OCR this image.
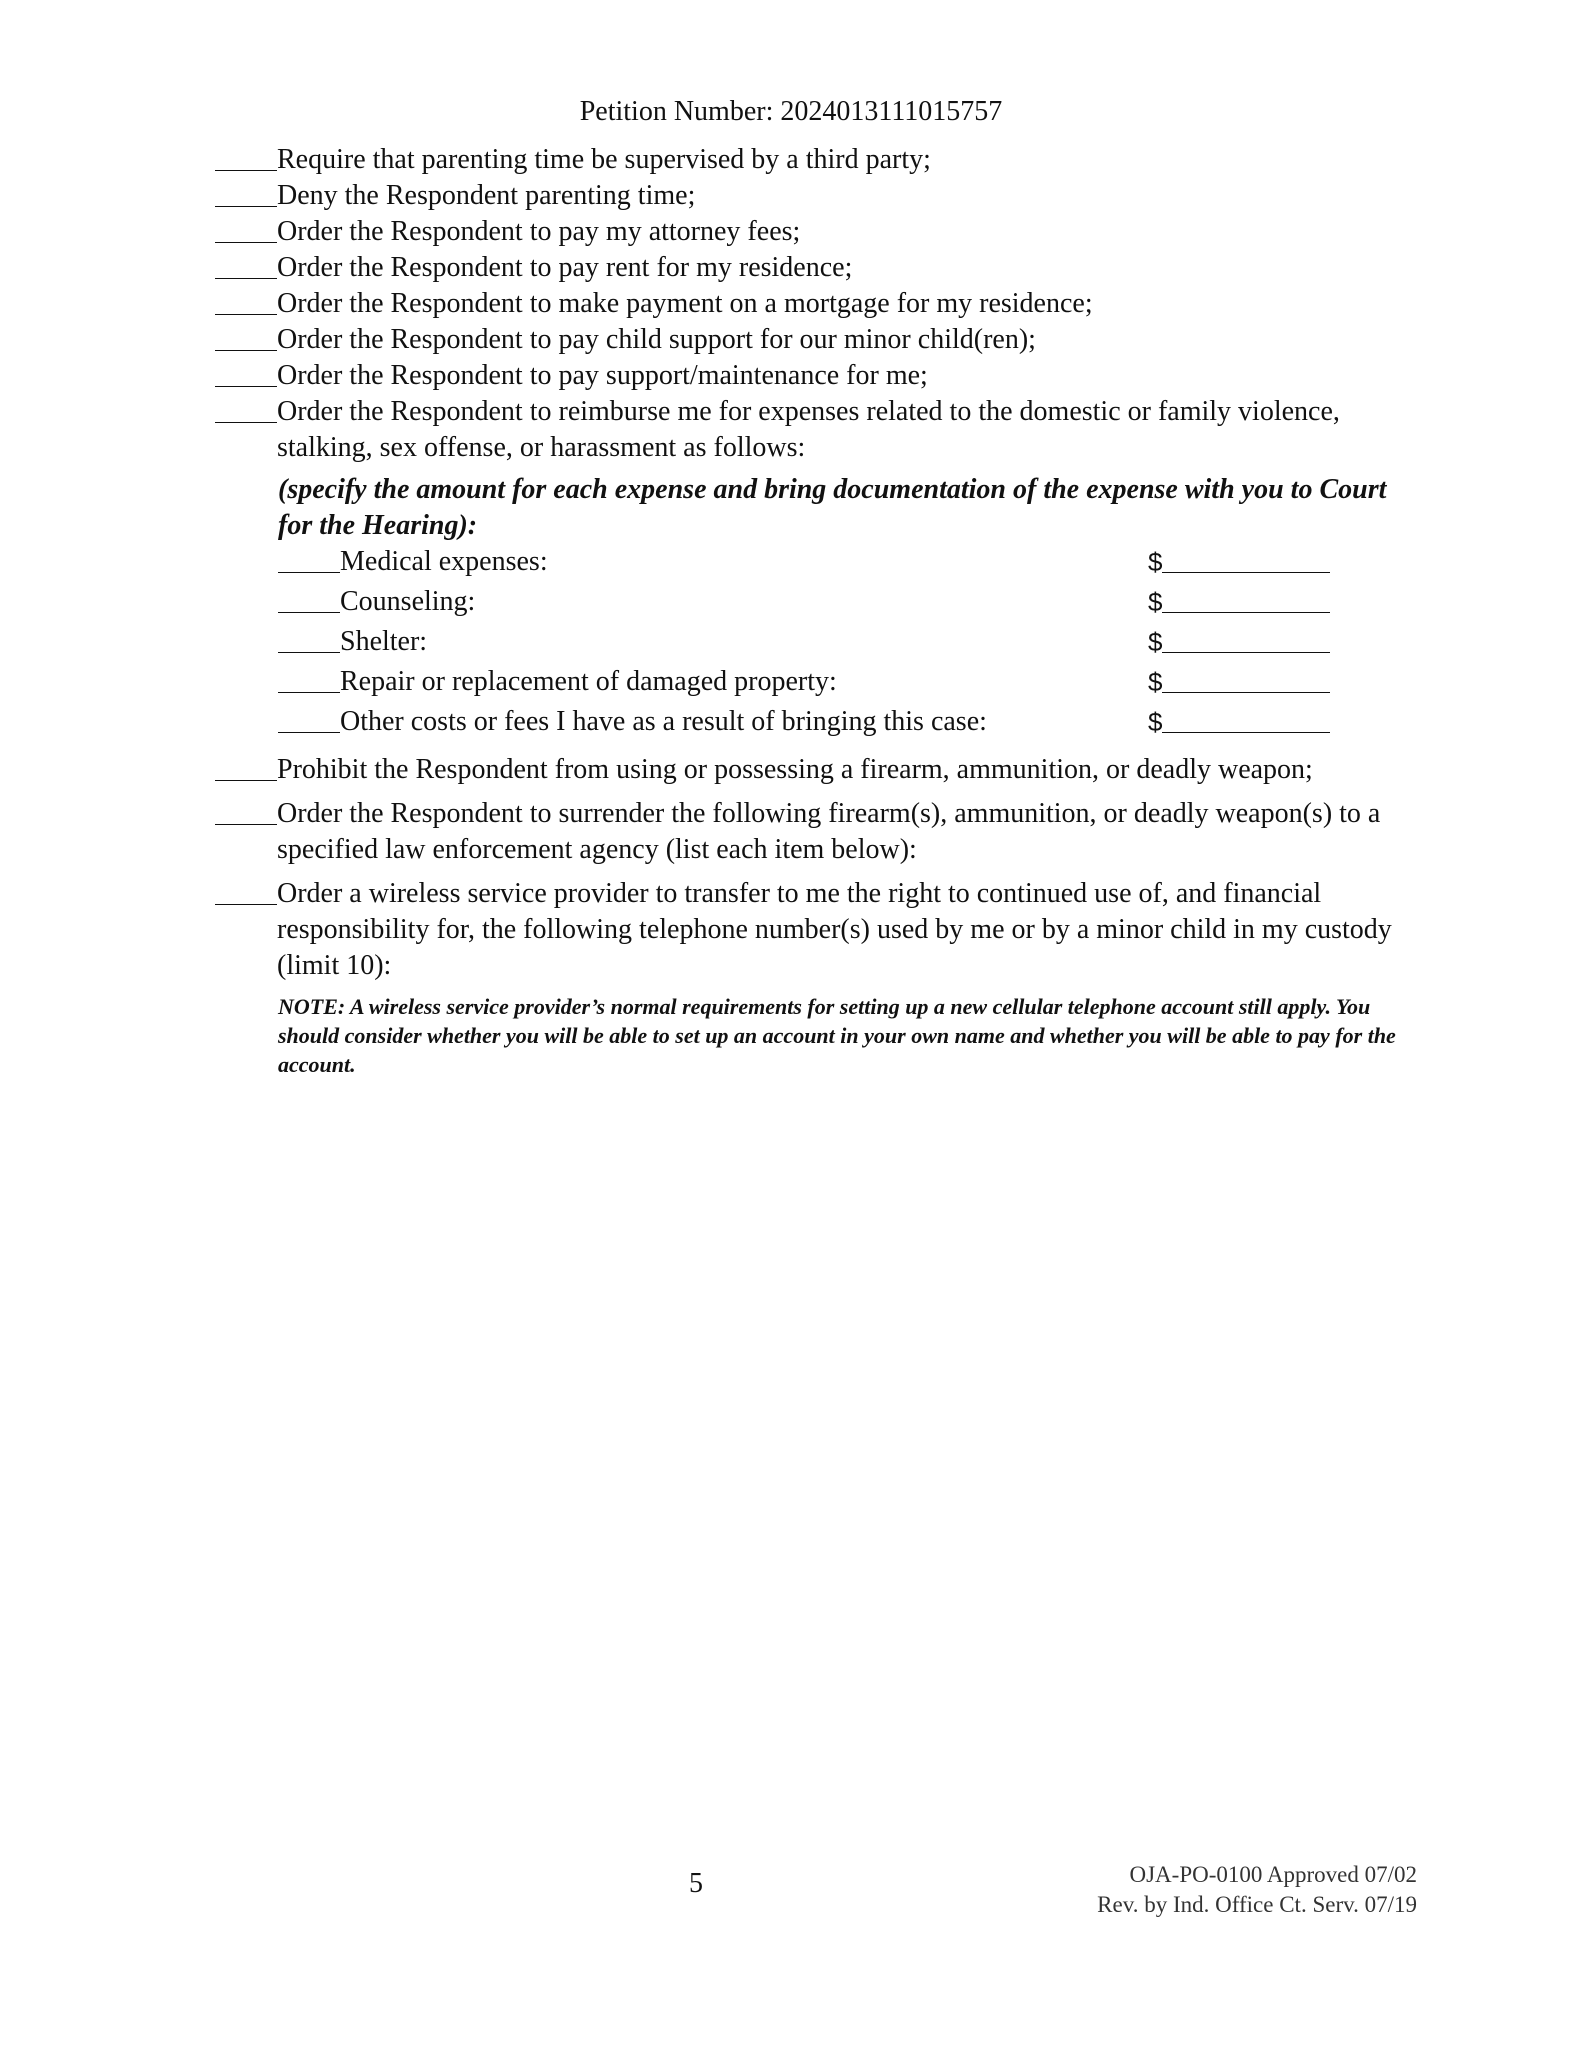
Petition Number: 2024013111015757
Require that parenting time be supervised by a third party;
Deny the Respondent parenting time;
Order the Respondent to pay my attorney fees;
Order the Respondent to pay rent for my residence;
Order the Respondent to make payment on a mortgage for my residence;
Order the Respondent to pay child support for our minor child(ren);
Order the Respondent to pay support/maintenance for me;
Order the Respondent to reimburse me for expenses related to the domestic or family violence, stalking, sex offense, or harassment as follows:
(specify the amount for each expense and bring documentation of the expense with you to Court for the Hearing):
Medical expenses:	$
Counseling:	$
Shelter:	$
Repair or replacement of damaged property:	$
Other costs or fees I have as a result of bringing this case:	$
Prohibit the Respondent from using or possessing a firearm, ammunition, or deadly weapon;
Order the Respondent to surrender the following firearm(s), ammunition, or deadly weapon(s) to a specified law enforcement agency (list each item below):
Order a wireless service provider to transfer to me the right to continued use of, and financial responsibility for, the following telephone number(s) used by me or by a minor child in my custody (limit 10):
NOTE: A wireless service provider’s normal requirements for setting up a new cellular telephone account still apply. You should consider whether you will be able to set up an account in your own name and whether you will be able to pay for the account.
5	OJA-PO-0100 Approved 07/02
Rev. by Ind. Office Ct. Serv. 07/19
